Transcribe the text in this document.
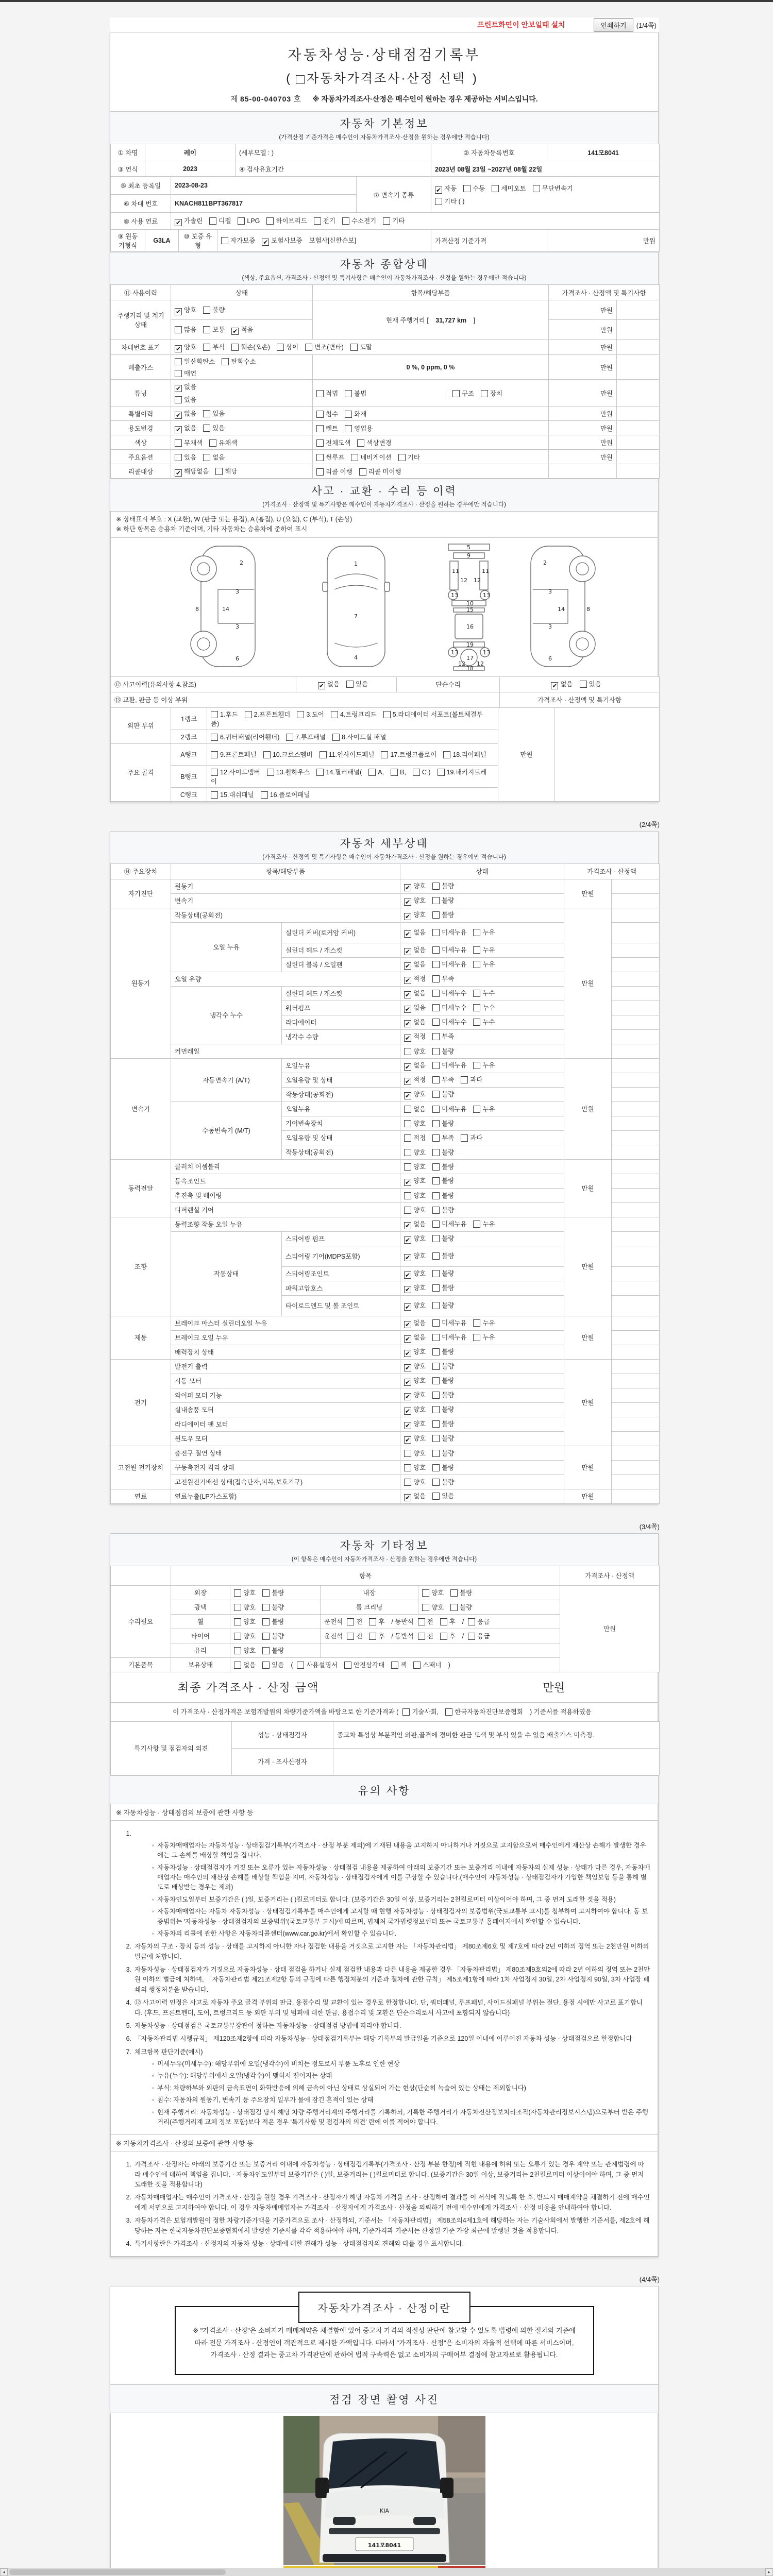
프린트화면이 안보일때 설치	인쇄하기	(1/4쪽)
자동차성능·상태점검기록부
( 자동차가격조사·산정 선택 )
제 85-00-040703 호 ※ 자동차가격조사·산정은 매수인이 원하는 경우 제공하는 서비스입니다.
자동차 기본정보
(가격산정 기준가격은 매수인이 자동차가격조사·산정을 원하는 경우에만 적습니다)
① 차명	레이	(세부모델 : )	② 자동차등록번호	141모8041
③ 연식	2023	④ 검사유효기간	2023년 08월 23일 ~2027년 08월 22일
⑤ 최초 등록일	2023-08-23	⑦ 변속기 종류	✔ 자동 수동 세미오토 무단변속기
기타 ( )

⑥ 차대 번호	KNACH811BPT367817		
⑧ 사용 연료	✔ 가솔린 디젤 LPG 하이브리드 전기 수소전기 기타
⑨ 원동 기형식	G3LA	⑩ 보증 유형	자가보증 ✔ 보험사보증 보험사[신한손보]	가격산정 기준가격	만원
자동차 종합상태
(색상, 주요옵션, 가격조사 · 산정액 및 특기사항은 매수인이 자동차가격조사 · 산정을 원하는 경우에만 적습니다)
⑪ 사용이력	상태	항목/해당부품	가격조사 · 산정액 및 특기사항	
주행거리 및 계기상태	✔ 양호 불량	현재 주행거리 [ 31,727 km ]	만원	
	많음 보통 ✔ 적음		만원	
차대번호 표기	✔ 양호 부식 훼손(오손) 상이 변조(변타) 도말		만원	
배출가스	일산화탄소 탄화수소
매연	0 %, 0 ppm, 0 %	만원	
튜닝	
✔ 없음
있음

적법 불법	구조 장치	만원	
특별이력	✔ 없음 있음	침수 화재	만원	
용도변경	✔ 없음 있음	렌트 영업용	만원	
색상	무채색 유채색	전체도색 색상변경	만원	
주요옵션	있음 없음	썬루프 네비게이션 기타	만원	
리콜대상	✔ 해당없음 해당	리콜 이행 리콜 미이행		
사고 · 교환 · 수리 등 이력
(가격조사 · 산정액 및 특기사항은 매수인이 자동차가격조사 · 산정을 원하는 경우에만 적습니다)
※ 상태표시 부호 : X (교환), W (판금 또는 용접), A (흠집), U (요철), C (부식), T (손상)
※ 하단 항목은 승용차 기준이며, 기타 자동차는 승용차에 준하여 표시
2
3
3
8	14
6
1
7
4
5
9
11	11
12 12
13	13
10
15
16
19
13	13
12 12
17
18
2
3
3
8
14
6
⑫ 사고이력(유의사항 4.참조)	✔ 없음 있음	단순수리	✔ 없음 있음
⑬ 교환, 판금 등 이상 부위	가격조사 · 산정액 및 특기사항
외판 부위	1랭크	1.후드 2.프론트휀더 3.도어 4.트렁크리드 5.라디에이터 서포트(볼트체결부품)	만원	
	2랭크	6.쿼터패널(리어휀더) 7.루프패널 8.사이드실 패널		
주요 골격	A랭크	9.프론트패널 10.크로스멤버 11.인사이드패널 17.트렁크플로어 18.리어패널		
	B랭크	12.사이드멤버 13.휠하우스 14.필러패널( A, B, C ) 19.패키지트레이		
	C랭크	15.대쉬패널 16.플로어패널		
(2/4쪽)
자동차 세부상태
(가격조사 · 산정액 및 특기사항은 매수인이 자동차가격조사 · 산정을 원하는 경우에만 적습니다)
⑭ 주요장치	항목/해당부품		상태	가격조사 · 산정액	
자기진단	원동기		✔ 양호 불량	만원	
	변속기		✔ 양호 불량		
원동기	작동상태(공회전)		✔ 양호 불량	만원	
	오일 누유	실린더 커버(로커암 커버)	✔ 없음 미세누유 누유		
		실린더 헤드 / 개스킷	✔ 없음 미세누유 누유		
		실린더 블록 / 오일팬	✔ 없음 미세누유 누유		
	오일 유량		✔ 적정 부족		
	냉각수 누수	실린더 헤드 / 개스킷	✔ 없음 미세누수 누수		
		워터펌프	✔ 없음 미세누수 누수		
		라디에이터	✔ 없음 미세누수 누수		
		냉각수 수량	✔ 적정 부족		
	커먼레일		양호 불량		
변속기	자동변속기 (A/T)	오일누유	✔ 없음 미세누유 누유	만원	
		오일유량 및 상태	✔ 적정 부족 과다		
		작동상태(공회전)	✔ 양호 불량		
	수동변속기 (M/T)	오일누유	없음 미세누유 누유		
		기어변속장치	양호 불량		
		오일유량 및 상태	적정 부족 과다		
		작동상태(공회전)	양호 불량		
동력전달	클러치 어셈블리		양호 불량	만원	
	등속조인트		✔ 양호 불량		
	추진축 및 베어링		양호 불량		
	디퍼렌셜 기어		양호 불량		
조향	동력조향 작동 오일 누유		✔ 없음 미세누유 누유	만원	
	작동상태	스티어링 펌프	✔ 양호 불량		
		스티어링 기어(MDPS포함)	✔ 양호 불량		
		스티어링조인트	✔ 양호 불량		
		파워고압호스	✔ 양호 불량		
		타이로드엔드 및 볼 조인트	✔ 양호 불량		
제동	브레이크 마스터 실린더오일 누유		✔ 없음 미세누유 누유	만원	
	브레이크 오일 누유		✔ 없음 미세누유 누유		
	배력장치 상태		✔ 양호 불량		
전기	발전기 출력		✔ 양호 불량	만원	
	시동 모터		✔ 양호 불량		
	와이퍼 모터 기능		✔ 양호 불량		
	실내송풍 모터		✔ 양호 불량		
	라디에이터 팬 모터		✔ 양호 불량		
	윈도우 모터		✔ 양호 불량		
고전원 전기장치	충전구 절연 상태		양호 불량	만원	
	구동축전지 격리 상태		양호 불량		
	고전원전기배선 상태(접속단자,피복,보호기구)		양호 불량		
연료	연료누출(LP가스포함)		✔ 없음 있음	만원	
(3/4쪽)
자동차 기타정보
(이 항목은 매수인이 자동차가격조사 · 산정을 원하는 경우에만 적습니다)
	항목				가격조사 · 산정액
수리필요	외장	양호 불량	내장	양호 불량	만원
	광택	양호 불량	룸 크리닝	양호 불량	
	휠	양호 불량	운전석 전 후 / 동반석 전 후 / 응급		
	타이어	양호 불량	운전석 전 후 / 동반석 전 후 / 응급		
	유리	양호 불량			
기본품목	보유상태	없음 있음 ( 사용설명서 안전삼각대 잭 스패너 )			
최종 가격조사 · 산정 금액	만원
이 가격조사 · 산정가격은 보험개발원의 차량기준가액을 바탕으로 한 기준가격과 ( 기술사회, 한국자동차진단보증협회 ) 기준서를 적용하였음
특기사항 및 점검자의 의견	성능 · 상태점검자	중고차 특성상 부분적인 외판,골격에 경미한 판금 도색 및 부식 있을 수 있음.배출가스 미측정.
	가격 · 조사산정자	
유의 사항
※ 자동차성능 · 상태점검의 보증에 관한 사항 등
1.
◦ 자동차매매업자는 자동차성능 · 상태점검기록부(가격조사 · 산정 부분 제외)에 기재된 내용을 고지하지 아니하거나 거짓으로 고지함으로써 매수인에게 재산상 손해가 발생한 경우에는 그 손해를 배상할 책임을 집니다.
◦ 자동차성능 · 상태점검자가 거짓 또는 오류가 있는 자동차성능 · 상태점검 내용을 제공하여 아래의 보증기간 또는 보증거리 이내에 자동차의 실제 성능 · 상태가 다른 경우, 자동차매매업자는 매수인의 재산상 손해를 배상할 책임을 지며, 자동차성능 · 상태점검자에게 이를 구상할 수 있습니다.(매수인이 자동차성능 · 상태점검자가 가입한 책임보험 등을 통해 별도로 배상받는 경우는 제외)
◦ 자동차인도일부터 보증기간은 ( )일, 보증거리는 ( )킬로미터로 합니다. (보증기간은 30일 이상, 보증거리는 2천킬로미터 이상이어야 하며, 그 중 먼저 도래한 것을 적용)
◦ 자동차매매업자는 자동차 자동차성능 · 상태점검기록부를 매수인에게 고지할 때 현행 자동차성능 · 상태점검자의 보증범위(국토교통부 고시)를 첨부하여 고지하여야 합니다. 동 보증범위는 '자동차성능 · 상태점검자의 보증범위'(국토교통부 고시)에 따르며, 법제처 국가법령정보센터 또는 국토교통부 홈페이지에서 확인할 수 있습니다.
◦ 자동차의 리콜에 관한 사항은 자동차리콜센터(www.car.go.kr)에서 확인할 수 있습니다.
2. 자동차의 구조 · 장치 등의 성능 · 상태를 고지하지 아니한 자나 점검한 내용을 거짓으로 고지한 자는 「자동차관리법」 제80조제6호 및 제7호에 따라 2년 이하의 징역 또는 2천만원 이하의 벌금에 처합니다.
3. 자동차성능 · 상태점검자가 거짓으로 자동차성능 · 상태 점검을 하거나 실제 점검한 내용과 다른 내용을 제공한 경우 「자동차관리법」 제80조제9호의2에 따라 2년 이하의 징역 또는 2천만원 이하의 벌금에 처하며, 「자동차관리법 제21조제2항 등의 규정에 따른 행정처분의 기준과 절차에 관한 규칙」 제5조제1항에 따라 1차 사업정지 30일, 2차 사업정지 90일, 3차 사업장 폐쇄의 행정처분을 받습니다.
4. ⑫ 사고이력 인정은 사고로 자동차 주요 골격 부위의 판금, 용접수리 및 교환이 있는 경우로 한정합니다. 단, 쿼터패널, 루프패널, 사이드실패널 부위는 절단, 용접 시에만 사고로 표기합니다. (후드, 프론트펜더, 도어, 트렁크리드 등 외판 부위 및 범퍼에 대한 판금, 용접수리 및 교환은 단순수리로서 사고에 포함되지 않습니다)
5. 자동차성능 · 상태점검은 국토교통부장관이 정하는 자동차성능 · 상태점검 방법에 따라야 합니다.
6. 「자동차관리법 시행규칙」 제120조제2항에 따라 자동차성능 · 상태점검기록부는 해당 기록부의 발급일을 기준으로 120일 이내에 이루어진 자동차 성능 · 상태점검으로 한정합니다
7. 체크항목 판단기준(예시)
◦ 미세누유(미세누수): 해당부위에 오일(냉각수)이 비치는 정도로서 부품 노후로 인한 현상
◦ 누유(누수): 해당부위에서 오일(냉각수)이 맺혀서 떨어지는 상태
◦ 부식: 차량하부와 외판의 금속표면이 화학반응에 의해 금속이 아닌 상태로 상실되어 가는 현상(단순히 녹슬어 있는 상태는 제외합니다)
◦ 침수: 자동차의 원동기, 변속기 등 주요장치 일부가 물에 잠긴 흔적이 있는 상태
◦ 현재 주행거리: 자동차성능 · 상태점검 당시 해당 차량 주행거리계의 주행거리를 기록하되, 기록한 주행거리가 자동차전산정보처리조직(자동차관리정보시스템)으로부터 받은 주행거리(주행거리계 교체 정보 포함)보다 적은 경우 '특기사항 및 점검자의 의견' 란에 이를 적어야 합니다.
※ 자동차가격조사 · 산정의 보증에 관한 사항 등
1. 가격조사 · 산정자는 아래의 보증기간 또는 보증거리 이내에 자동차성능 · 상태점검기록부(가격조사 · 산정 부분 한정)에 적힌 내용에 허위 또는 오류가 있는 경우 계약 또는 관계법령에 따라 매수인에 대하여 책임을 집니다. · 자동차인도일부터 보증기간은 ( )일, 보증거리는 ( )킬로미터로 합니다. (보증기간은 30일 이상, 보증거리는 2천킬로미터 이상이어야 하며, 그 중 먼저 도래한 것을 적용합니다)
2. 자동차매매업자는 매수인이 가격조사 · 산정을 원할 경우 가격조사 · 산정자가 해당 자동차 가격을 조사 · 산정하여 결과를 이 서식에 적도록 한 후, 반드시 매매계약을 체결하기 전에 매수인에게 서면으로 고지하여야 합니다. 이 경우 자동차매매업자는 가격조사 · 산정자에게 가격조사 · 산정을 의뢰하기 전에 매수인에게 가격조사 · 산정 비용을 안내하여야 합니다.
3. 자동차가격은 보험개발원이 정한 차량기준가액을 기준가격으로 조사 · 산정하되, 기준서는 「자동차관리법」 제58조의4제1호에 해당하는 자는 기술사회에서 발행한 기준서를, 제2호에 해당하는 자는 한국자동차진단보증협회에서 발행한 기준서를 각각 적용하여야 하며, 기준가격과 기준서는 산정일 기준 가장 최근에 발행된 것을 적용합니다.
4. 특기사항란은 가격조사 · 산정자의 자동차 성능 · 상태에 대한 견해가 성능 · 상태점검자의 견해와 다를 경우 표시합니다.
(4/4쪽)
자동차가격조사 · 산정이란
※ "가격조사 · 산정"은 소비자가 매매계약을 체결함에 있어 중고차 가격의 적절성 판단에 참고할 수 있도록 법령에 의한 절차와 기준에 따라 전문 가격조사 · 산정인이 객관적으로 제시한 가액입니다. 따라서 "가격조사 · 산정"은 소비자의 자율적 선택에 따른 서비스이며, 가격조사 · 산정 결과는 중고차 가격판단에 관하여 법적 구속력은 없고 소비자의 구매여부 결정에 참고자료로 활용됩니다.
점검 장면 촬영 사진
141모8041
KIA
◄	►
